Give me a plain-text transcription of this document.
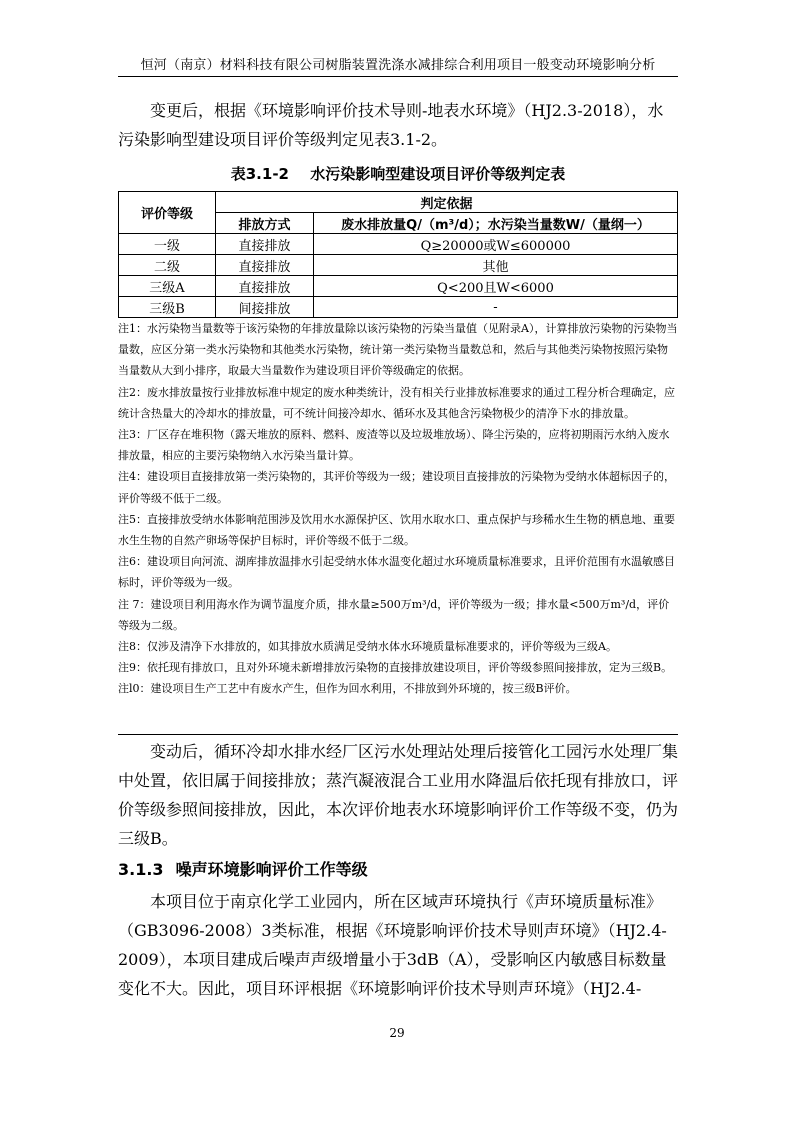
恒河（南京）材料科技有限公司树脂装置洗涤水减排综合利用项目一般变动环境影响分析

变更后，根据《环境影响评价技术导则-地表水环境》（HJ2.3-2018），水污染影响型建设项目评价等级判定见表3.1-2。

表3.1-2 水污染影响型建设项目评价等级判定表
评价等级	判定依据	
	排放方式	废水排放量Q/（m³/d）；水污染当量数W/（量纲一）
一级	直接排放	Q≥20000或W≤600000
二级	直接排放	其他
三级A	直接排放	Q<200且W<6000
三级B	间接排放	-

注1：水污染物当量数等于该污染物的年排放量除以该污染物的污染当量值（见附录A），计算排放污染物的污染物当量数，应区分第一类水污染物和其他类水污染物，统计第一类污染物当量数总和，然后与其他类污染物按照污染物当量数从大到小排序，取最大当量数作为建设项目评价等级确定的依据。

注2：废水排放量按行业排放标准中规定的废水种类统计，没有相关行业排放标准要求的通过工程分析合理确定，应统计含热量大的冷却水的排放量，可不统计间接冷却水、循环水及其他含污染物极少的清净下水的排放量。

注3：厂区存在堆积物（露天堆放的原料、燃料、废渣等以及垃圾堆放场）、降尘污染的，应将初期雨污水纳入废水排放量，相应的主要污染物纳入水污染当量计算。

注4：建设项目直接排放第一类污染物的，其评价等级为一级；建设项目直接排放的污染物为受纳水体超标因子的，评价等级不低于二级。

注5：直接排放受纳水体影响范围涉及饮用水水源保护区、饮用水取水口、重点保护与珍稀水生生物的栖息地、重要水生生物的自然产卵场等保护目标时，评价等级不低于二级。

注6：建设项目向河流、湖库排放温排水引起受纳水体水温变化超过水环境质量标准要求，且评价范围有水温敏感目标时，评价等级为一级。

注 7：建设项目利用海水作为调节温度介质，排水量≥500万m³/d，评价等级为一级；排水量<500万m³/d，评价等级为二级。

注8：仅涉及清净下水排放的，如其排放水质满足受纳水体水环境质量标准要求的，评价等级为三级A。

注9：依托现有排放口，且对外环境未新增排放污染物的直接排放建设项目，评价等级参照间接排放，定为三级B。

注l0：建设项目生产工艺中有废水产生，但作为回水利用，不排放到外环境的，按三级B评价。

变动后，循环冷却水排水经厂区污水处理站处理后接管化工园污水处理厂集中处置，依旧属于间接排放；蒸汽凝液混合工业用水降温后依托现有排放口，评价等级参照间接排放，因此，本次评价地表水环境影响评价工作等级不变，仍为三级B。

3.1.3 噪声环境影响评价工作等级

本项目位于南京化学工业园内，所在区域声环境执行《声环境质量标准》（GB3096-2008）3类标准，根据《环境影响评价技术导则声环境》（HJ2.4-2009），本项目建成后噪声声级增量小于3dB（A），受影响区内敏感目标数量变化不大。因此，项目环评根据《环境影响评价技术导则声环境》（HJ2.4-

29
